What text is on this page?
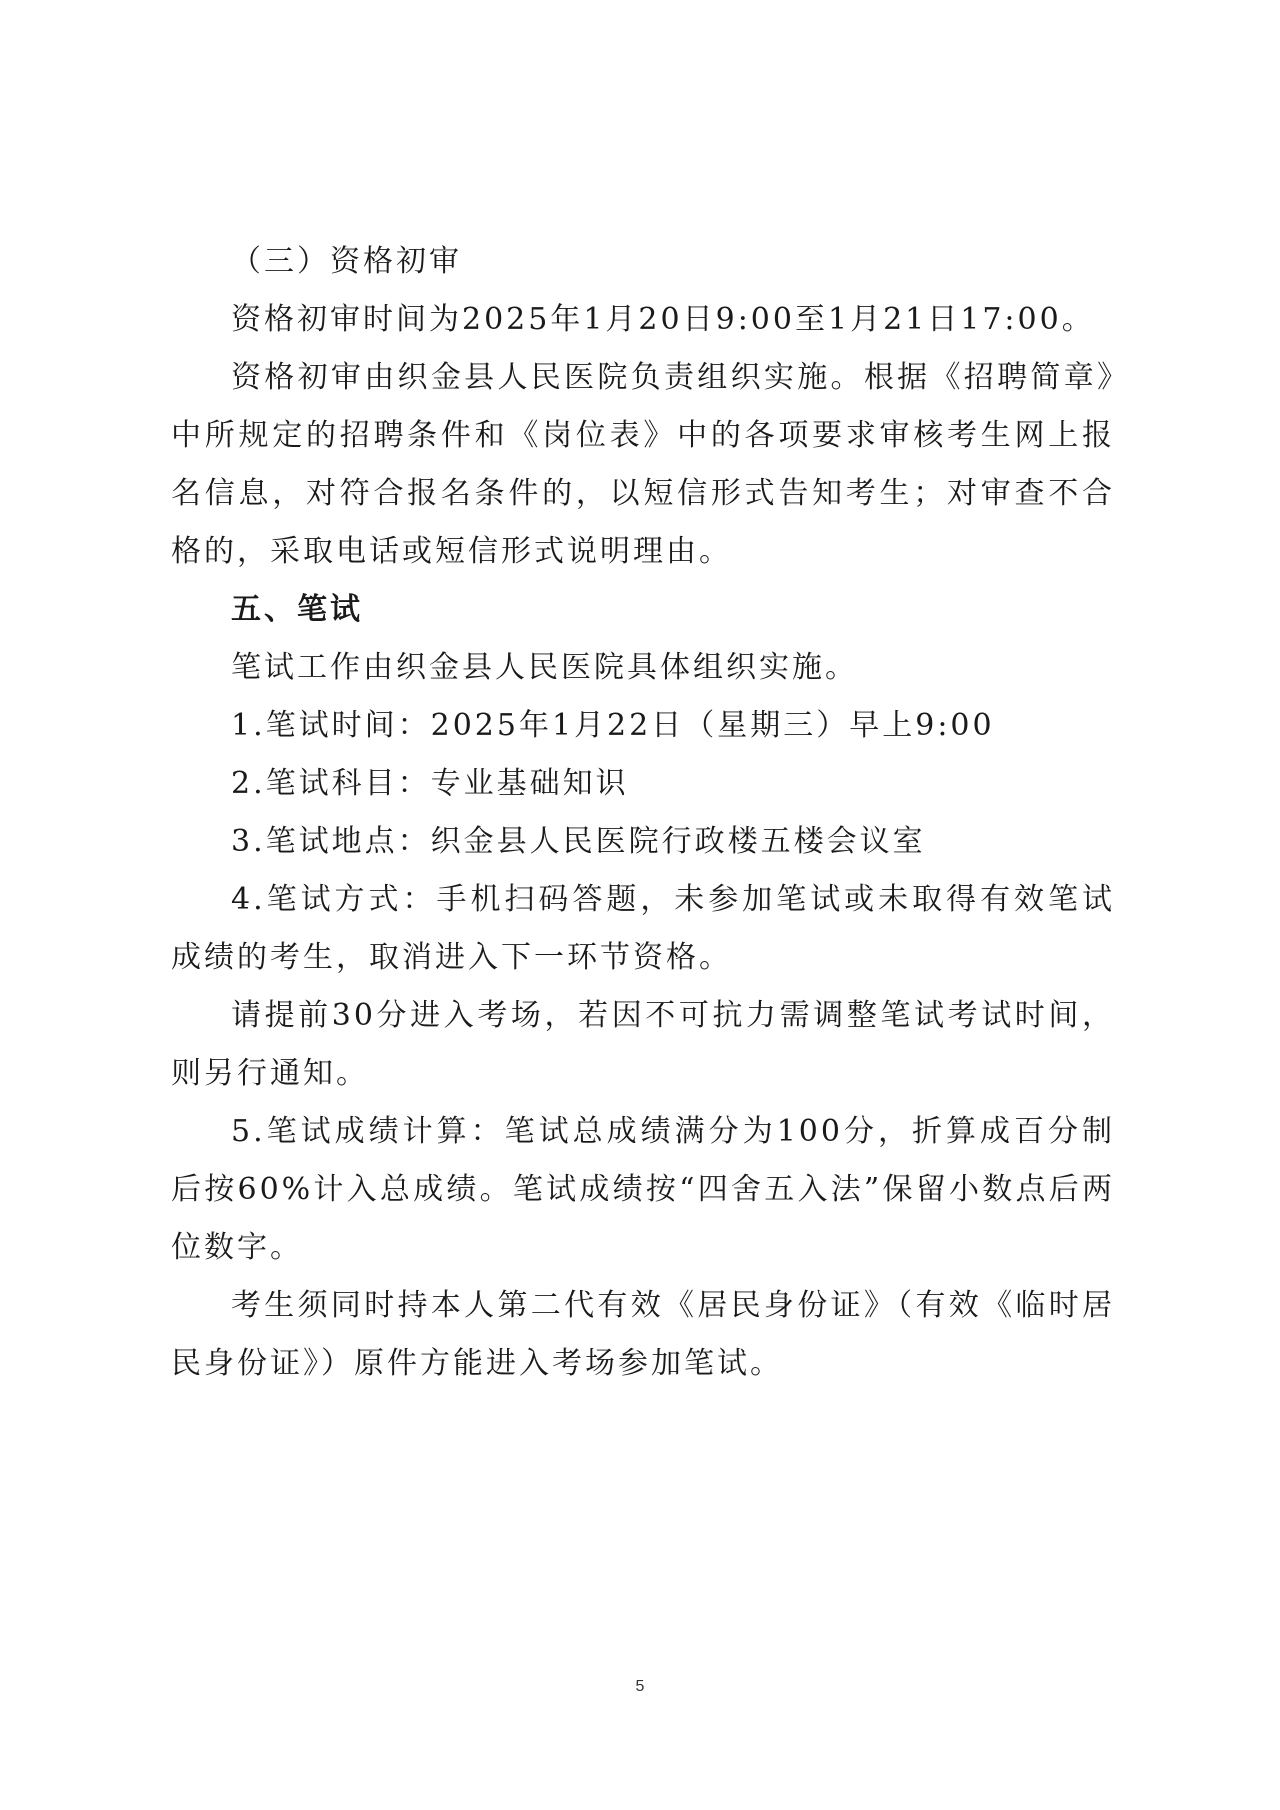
（三）资格初审

资格初审时间为2025年1月20日9:00至1月21日17:00。

资格初审由织金县人民医院负责组织实施。根据《招聘简章》中所规定的招聘条件和《岗位表》中的各项要求审核考生网上报名信息，对符合报名条件的，以短信形式告知考生；对审查不合格的，采取电话或短信形式说明理由。

五、笔试

笔试工作由织金县人民医院具体组织实施。

1.笔试时间：2025年1月22日（星期三）早上9:00

2.笔试科目：专业基础知识

3.笔试地点：织金县人民医院行政楼五楼会议室

4.笔试方式：手机扫码答题，未参加笔试或未取得有效笔试成绩的考生，取消进入下一环节资格。

请提前30分进入考场，若因不可抗力需调整笔试考试时间，则另行通知。

5.笔试成绩计算：笔试总成绩满分为100分，折算成百分制后按60%计入总成绩。笔试成绩按“四舍五入法”保留小数点后两位数字。

考生须同时持本人第二代有效《居民身份证》（有效《临时居民身份证》）原件方能进入考场参加笔试。

5
